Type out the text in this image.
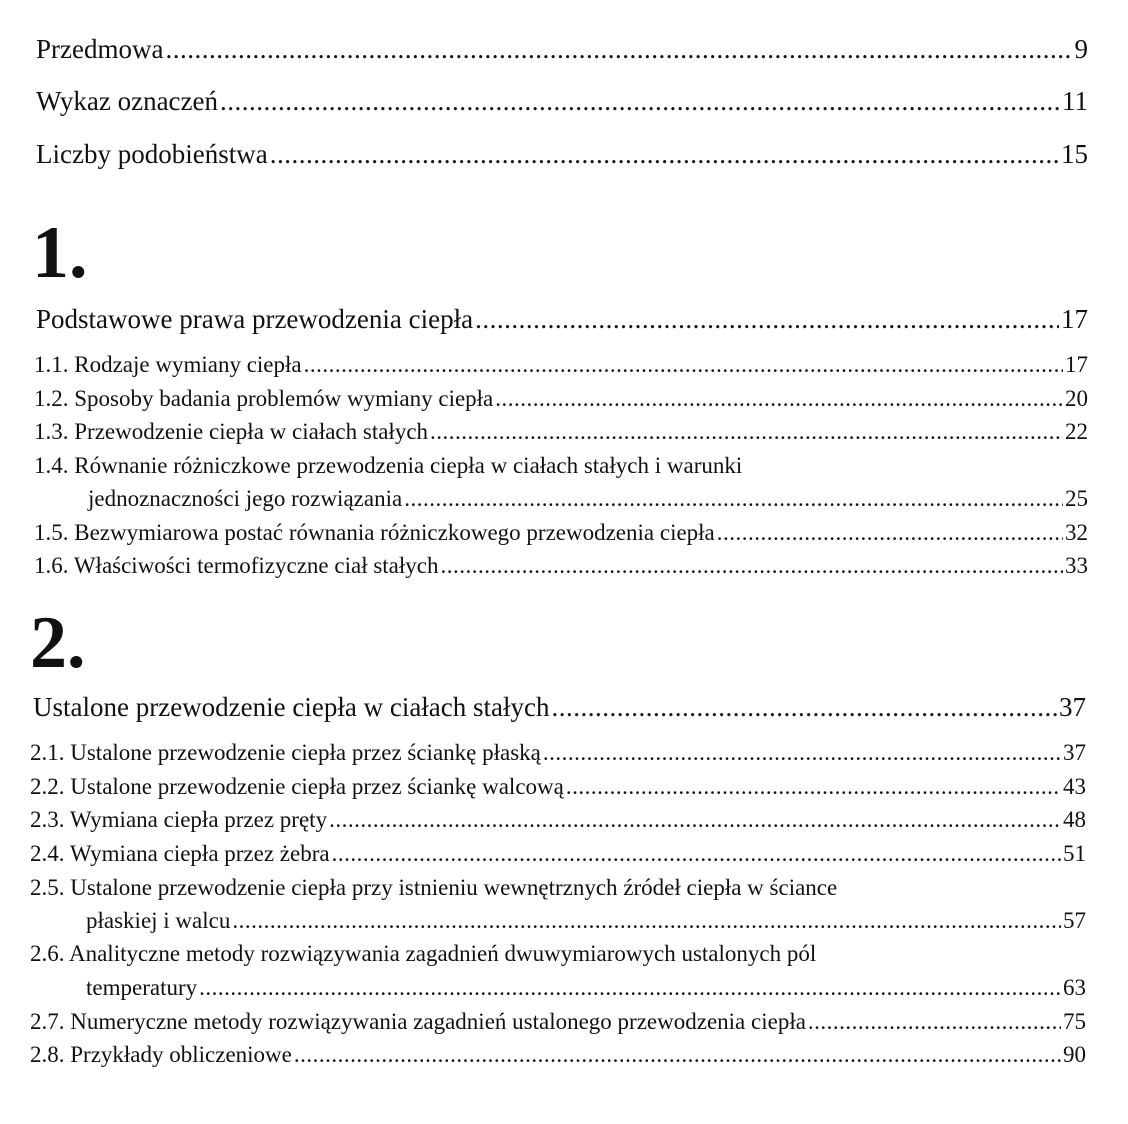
Przedmowa .....	9
Wykaz oznaczeń .....	11
Liczby podobieństwa .....	15
1.
Podstawowe prawa przewodzenia ciepła .....	17
1.1. Rodzaje wymiany ciepła .....	17
1.2. Sposoby badania problemów wymiany ciepła .....	20
1.3. Przewodzenie ciepła w ciałach stałych .....	22
1.4. Równanie różniczkowe przewodzenia ciepła w ciałach stałych i warunki
jednoznaczności jego rozwiązania .....	25
1.5. Bezwymiarowa postać równania różniczkowego przewodzenia ciepła .....	32
1.6. Właściwości termofizyczne ciał stałych .....	33
2.
Ustalone przewodzenie ciepła w ciałach stałych .....	37
2.1. Ustalone przewodzenie ciepła przez ściankę płaską .....	37
2.2. Ustalone przewodzenie ciepła przez ściankę walcową .....	43
2.3. Wymiana ciepła przez pręty .....	48
2.4. Wymiana ciepła przez żebra .....	51
2.5. Ustalone przewodzenie ciepła przy istnieniu wewnętrznych źródeł ciepła w ściance
płaskiej i walcu .....	57
2.6. Analityczne metody rozwiązywania zagadnień dwuwymiarowych ustalonych pól
temperatury .....	63
2.7. Numeryczne metody rozwiązywania zagadnień ustalonego przewodzenia ciepła .....	75
2.8. Przykłady obliczeniowe .....	90
